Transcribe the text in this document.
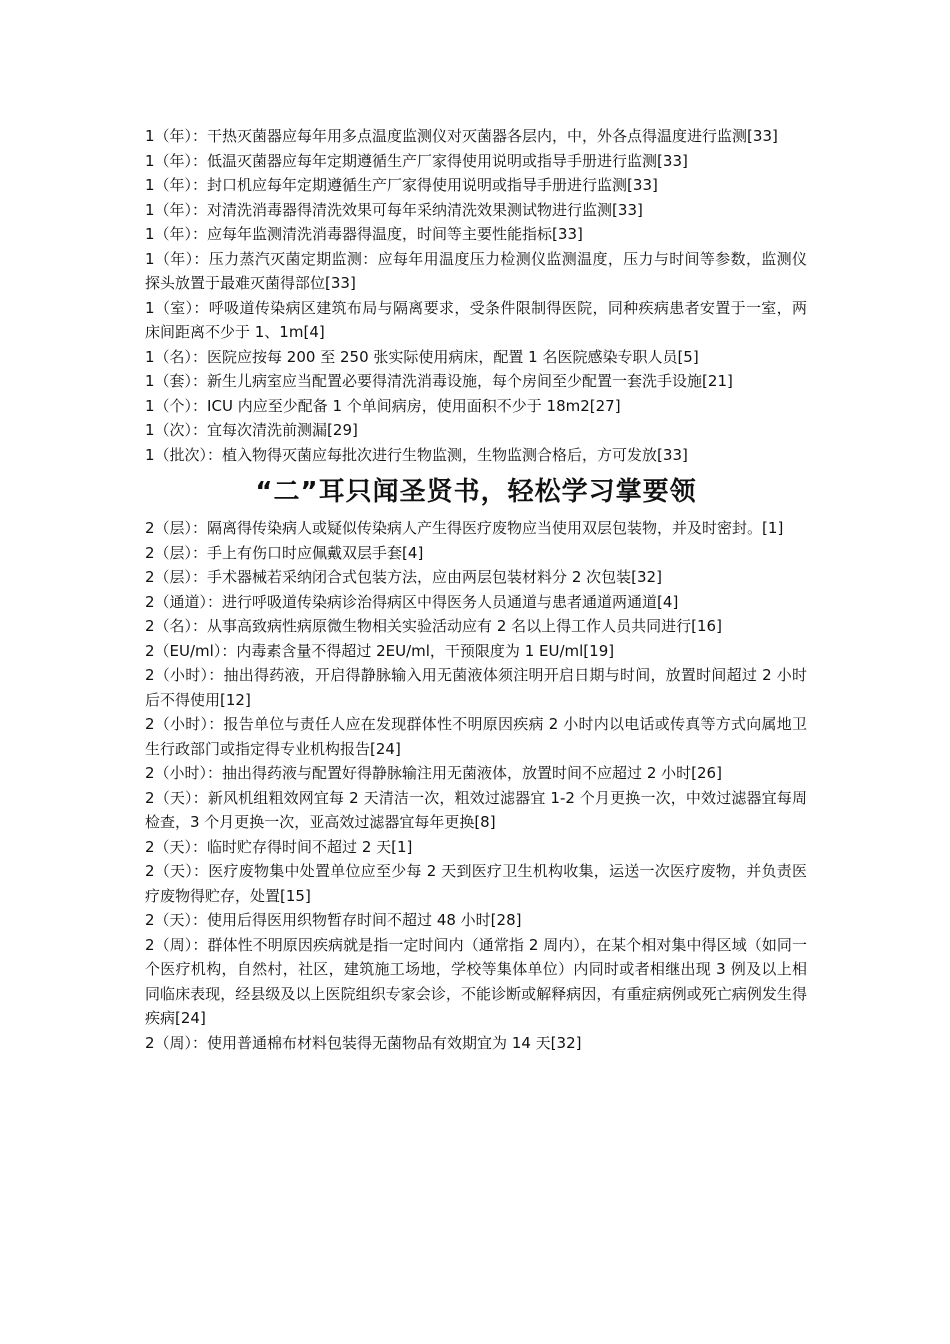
1（年）：干热灭菌器应每年用多点温度监测仪对灭菌器各层内，中，外各点得温度进行监测[33]

1（年）：低温灭菌器应每年定期遵循生产厂家得使用说明或指导手册进行监测[33]

1（年）：封口机应每年定期遵循生产厂家得使用说明或指导手册进行监测[33]

1（年）：对清洗消毒器得清洗效果可每年采纳清洗效果测试物进行监测[33]

1（年）：应每年监测清洗消毒器得温度，时间等主要性能指标[33]

1（年）：压力蒸汽灭菌定期监测：应每年用温度压力检测仪监测温度，压力与时间等参数，监测仪探头放置于最难灭菌得部位[33]

1（室）：呼吸道传染病区建筑布局与隔离要求，受条件限制得医院，同种疾病患者安置于一室，两床间距离不少于 1、1m[4]

1（名）：医院应按每 200 至 250 张实际使用病床，配置 1 名医院感染专职人员[5]

1（套）：新生儿病室应当配置必要得清洗消毒设施，每个房间至少配置一套洗手设施[21]

1（个）：ICU 内应至少配备 1 个单间病房，使用面积不少于 18m2[27]

1（次）：宜每次清洗前测漏[29]

1（批次）：植入物得灭菌应每批次进行生物监测，生物监测合格后，方可发放[33]

“二”耳只闻圣贤书，轻松学习掌要领

2（层）：隔离得传染病人或疑似传染病人产生得医疗废物应当使用双层包装物，并及时密封。[1]

2（层）：手上有伤口时应佩戴双层手套[4]

2（层）：手术器械若采纳闭合式包装方法，应由两层包装材料分 2 次包装[32]

2（通道）：进行呼吸道传染病诊治得病区中得医务人员通道与患者通道两通道[4]

2（名）：从事高致病性病原微生物相关实验活动应有 2 名以上得工作人员共同进行[16]

2（EU/ml）：内毒素含量不得超过 2EU/ml，干预限度为 1 EU/ml[19]

2（小时）：抽出得药液，开启得静脉输入用无菌液体须注明开启日期与时间，放置时间超过 2 小时后不得使用[12]

2（小时）：报告单位与责任人应在发现群体性不明原因疾病 2 小时内以电话或传真等方式向属地卫生行政部门或指定得专业机构报告[24]

2（小时）：抽出得药液与配置好得静脉输注用无菌液体，放置时间不应超过 2 小时[26]

2（天）：新风机组粗效网宜每 2 天清洁一次，粗效过滤器宜 1-2 个月更换一次，中效过滤器宜每周检查，3 个月更换一次，亚高效过滤器宜每年更换[8]

2（天）：临时贮存得时间不超过 2 天[1]

2（天）：医疗废物集中处置单位应至少每 2 天到医疗卫生机构收集，运送一次医疗废物，并负责医疗废物得贮存，处置[15]

2（天）：使用后得医用织物暂存时间不超过 48 小时[28]

2（周）：群体性不明原因疾病就是指一定时间内（通常指 2 周内），在某个相对集中得区域（如同一个医疗机构，自然村，社区，建筑施工场地，学校等集体单位）内同时或者相继出现 3 例及以上相同临床表现，经县级及以上医院组织专家会诊，不能诊断或解释病因，有重症病例或死亡病例发生得疾病[24]

2（周）：使用普通棉布材料包装得无菌物品有效期宜为 14 天[32]
